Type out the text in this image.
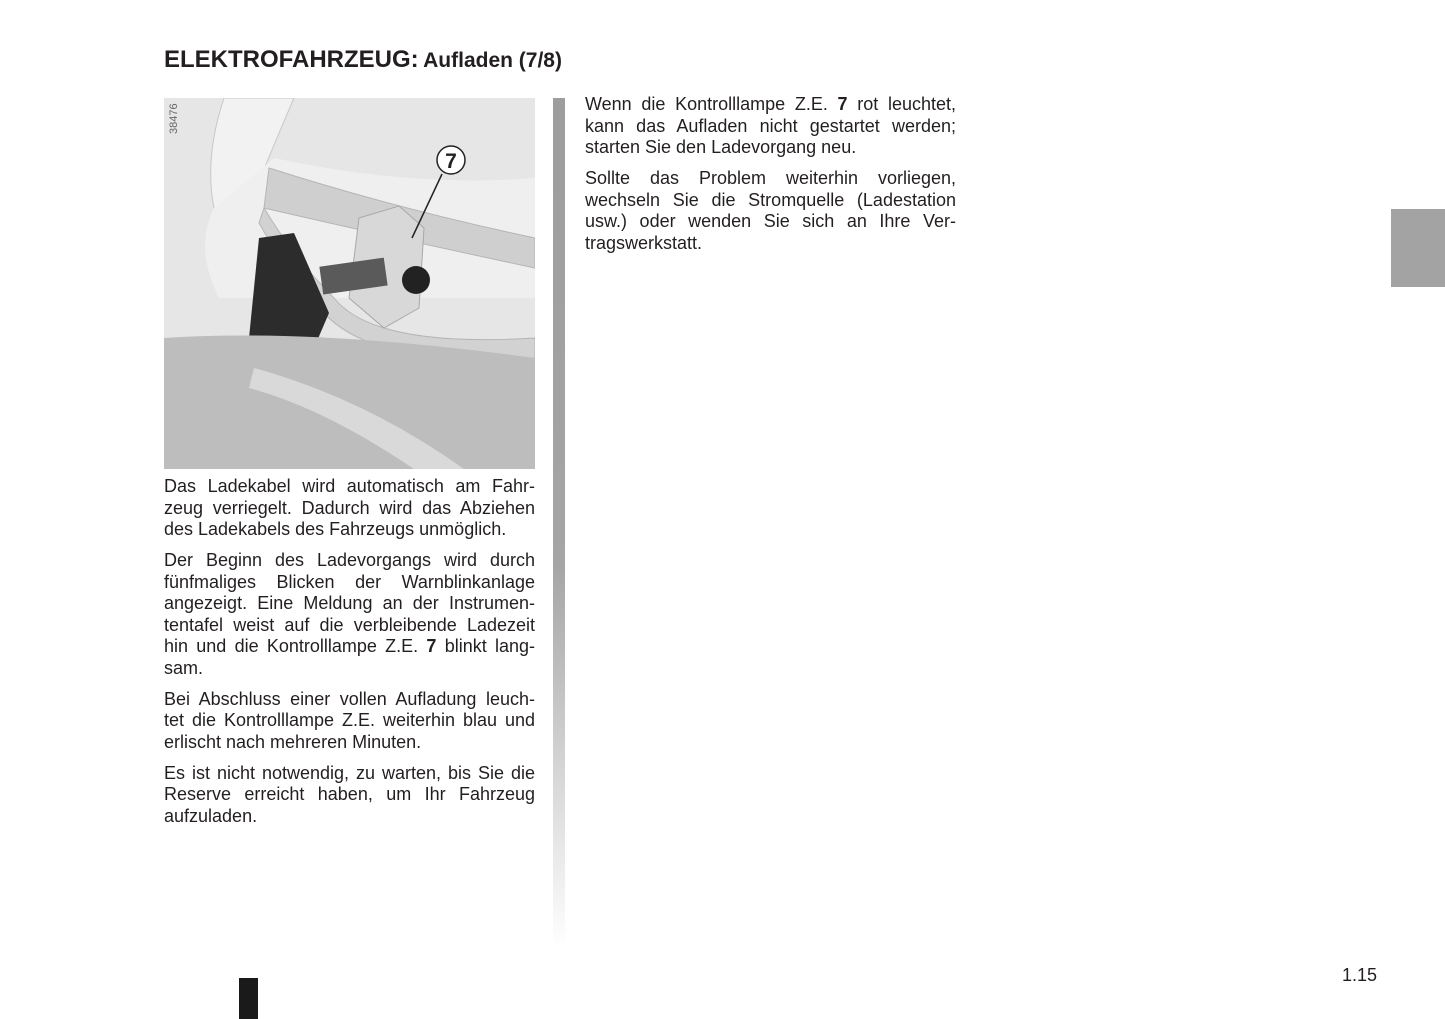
ELEKTROFAHRZEUG: Aufladen (7/8)
7
38476
Das Ladekabel wird automatisch am Fahr-
zeug verriegelt. Dadurch wird das Abziehen
des Ladekabels des Fahrzeugs unmöglich.
Der Beginn des Ladevorgangs wird durch
fünfmaliges Blicken der Warnblinkanlage
angezeigt. Eine Meldung an der Instrumen-
tentafel weist auf die verbleibende Ladezeit
hin und die Kontrolllampe Z.E. 7 blinkt lang-
sam.
Bei Abschluss einer vollen Aufladung leuch-
tet die Kontrolllampe Z.E. weiterhin blau und
erlischt nach mehreren Minuten.
Es ist nicht notwendig, zu warten, bis Sie die
Reserve erreicht haben, um Ihr Fahrzeug
aufzuladen.
Wenn die Kontrolllampe Z.E. 7 rot leuchtet,
kann das Aufladen nicht gestartet werden;
starten Sie den Ladevorgang neu.
Sollte das Problem weiterhin vorliegen,
wechseln Sie die Stromquelle (Ladestation
usw.) oder wenden Sie sich an Ihre Ver-
tragswerkstatt.
1.15
